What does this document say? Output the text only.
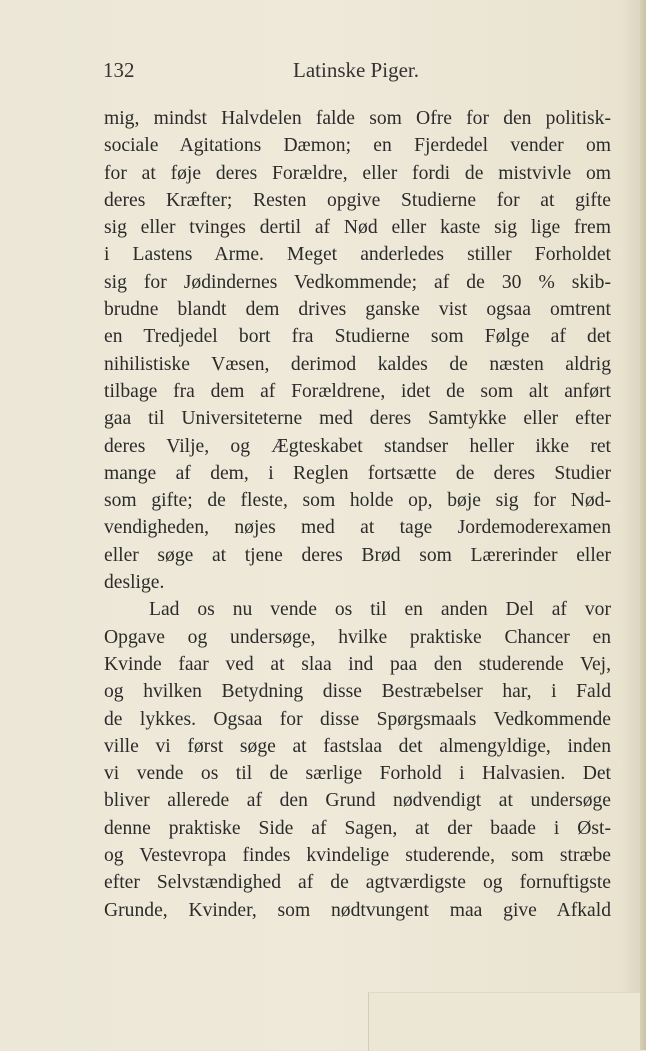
132	Latinske Piger.
mig, mindst Halvdelen falde som Ofre for den politisk-
sociale Agitations Dæmon; en Fjerdedel vender om
for at føje deres Forældre, eller fordi de mistvivle om
deres Kræfter; Resten opgive Studierne for at gifte
sig eller tvinges dertil af Nød eller kaste sig lige frem
i Lastens Arme. Meget anderledes stiller Forholdet
sig for Jødindernes Vedkommende; af de 30 % skib-
brudne blandt dem drives ganske vist ogsaa omtrent
en Tredjedel bort fra Studierne som Følge af det
nihilistiske Væsen, derimod kaldes de næsten aldrig
tilbage fra dem af Forældrene, idet de som alt anført
gaa til Universiteterne med deres Samtykke eller efter
deres Vilje, og Ægteskabet standser heller ikke ret
mange af dem, i Reglen fortsætte de deres Studier
som gifte; de fleste, som holde op, bøje sig for Nød-
vendigheden, nøjes med at tage Jordemoderexamen
eller søge at tjene deres Brød som Lærerinder eller
deslige.
Lad os nu vende os til en anden Del af vor
Opgave og undersøge, hvilke praktiske Chancer en
Kvinde faar ved at slaa ind paa den studerende Vej,
og hvilken Betydning disse Bestræbelser har, i Fald
de lykkes. Ogsaa for disse Spørgsmaals Vedkommende
ville vi først søge at fastslaa det almengyldige, inden
vi vende os til de særlige Forhold i Halvasien. Det
bliver allerede af den Grund nødvendigt at undersøge
denne praktiske Side af Sagen, at der baade i Øst-
og Vestevropa findes kvindelige studerende, som stræbe
efter Selvstændighed af de agtværdigste og fornuftigste
Grunde, Kvinder, som nødtvungent maa give Afkald
